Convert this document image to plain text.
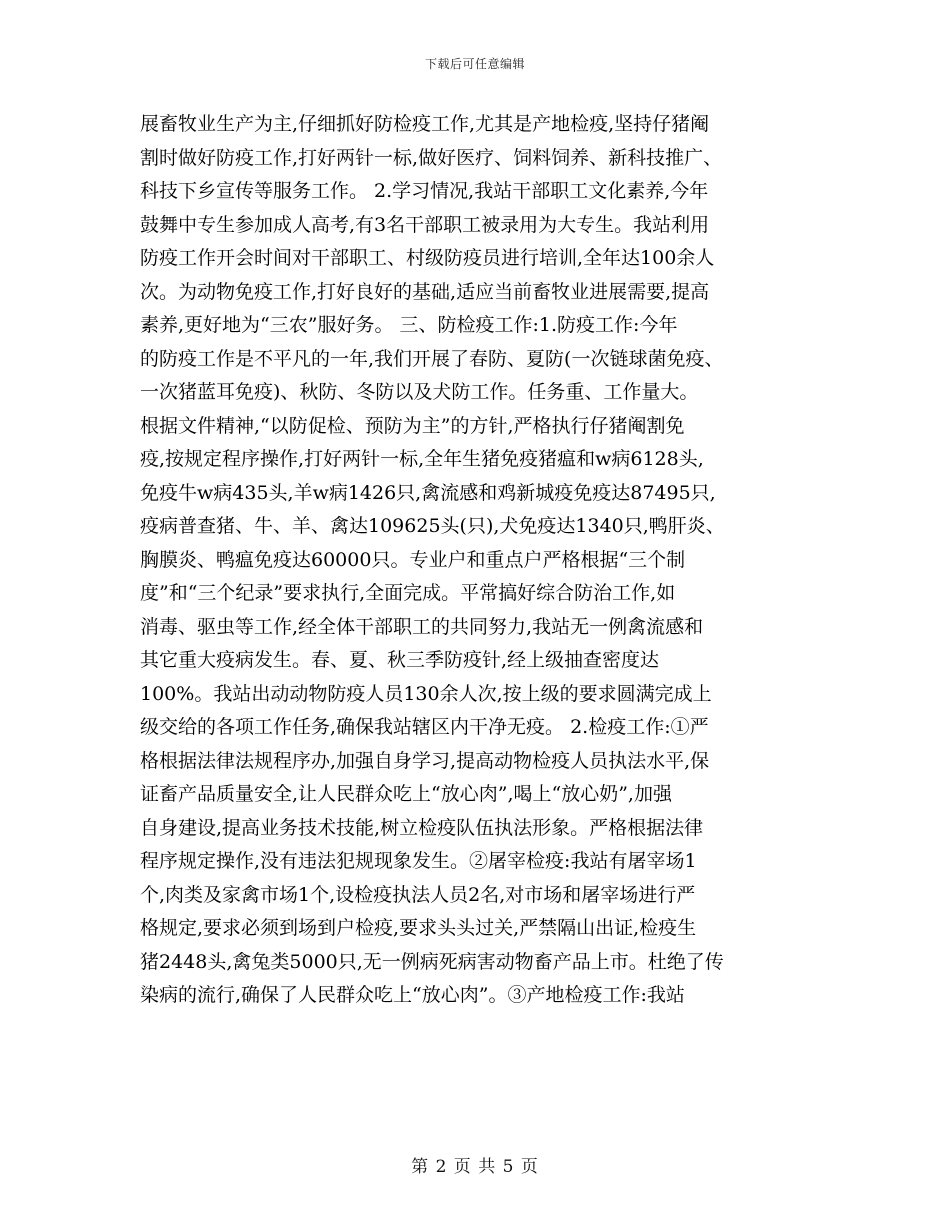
下载后可任意编辑
展畜牧业生产为主,仔细抓好防检疫工作,尤其是产地检疫,坚持仔猪阉
割时做好防疫工作,打好两针一标,做好医疗、饲料饲养、新科技推广、
科技下乡宣传等服务工作。 2.学习情况,我站干部职工文化素养,今年
鼓舞中专生参加成人高考,有3名干部职工被录用为大专生。我站利用
防疫工作开会时间对干部职工、村级防疫员进行培训,全年达100余人
次。为动物免疫工作,打好良好的基础,适应当前畜牧业进展需要,提高
素养,更好地为“三农”服好务。 三、防检疫工作:1.防疫工作:今年
的防疫工作是不平凡的一年,我们开展了春防、夏防(一次链球菌免疫、
一次猪蓝耳免疫)、秋防、冬防以及犬防工作。任务重、工作量大。
根据文件精神,“以防促检、预防为主”的方针,严格执行仔猪阉割免
疫,按规定程序操作,打好两针一标,全年生猪免疫猪瘟和w病6128头,
免疫牛w病435头,羊w病1426只,禽流感和鸡新城疫免疫达87495只,
疫病普查猪、牛、羊、禽达109625头(只),犬免疫达1340只,鸭肝炎、
胸膜炎、鸭瘟免疫达60000只。专业户和重点户严格根据“三个制
度”和“三个纪录”要求执行,全面完成。平常搞好综合防治工作,如
消毒、驱虫等工作,经全体干部职工的共同努力,我站无一例禽流感和
其它重大疫病发生。春、夏、秋三季防疫针,经上级抽查密度达
100%。我站出动动物防疫人员130余人次,按上级的要求圆满完成上
级交给的各项工作任务,确保我站辖区内干净无疫。 2.检疫工作:①严
格根据法律法规程序办,加强自身学习,提高动物检疫人员执法水平,保
证畜产品质量安全,让人民群众吃上“放心肉”,喝上“放心奶”,加强
自身建设,提高业务技术技能,树立检疫队伍执法形象。严格根据法律
程序规定操作,没有违法犯规现象发生。②屠宰检疫:我站有屠宰场1
个,肉类及家禽市场1个,设检疫执法人员2名,对市场和屠宰场进行严
格规定,要求必须到场到户检疫,要求头头过关,严禁隔山出证,检疫生
猪2448头,禽兔类5000只,无一例病死病害动物畜产品上市。杜绝了传
染病的流行,确保了人民群众吃上“放心肉”。③产地检疫工作:我站
第 2 页 共 5 页
